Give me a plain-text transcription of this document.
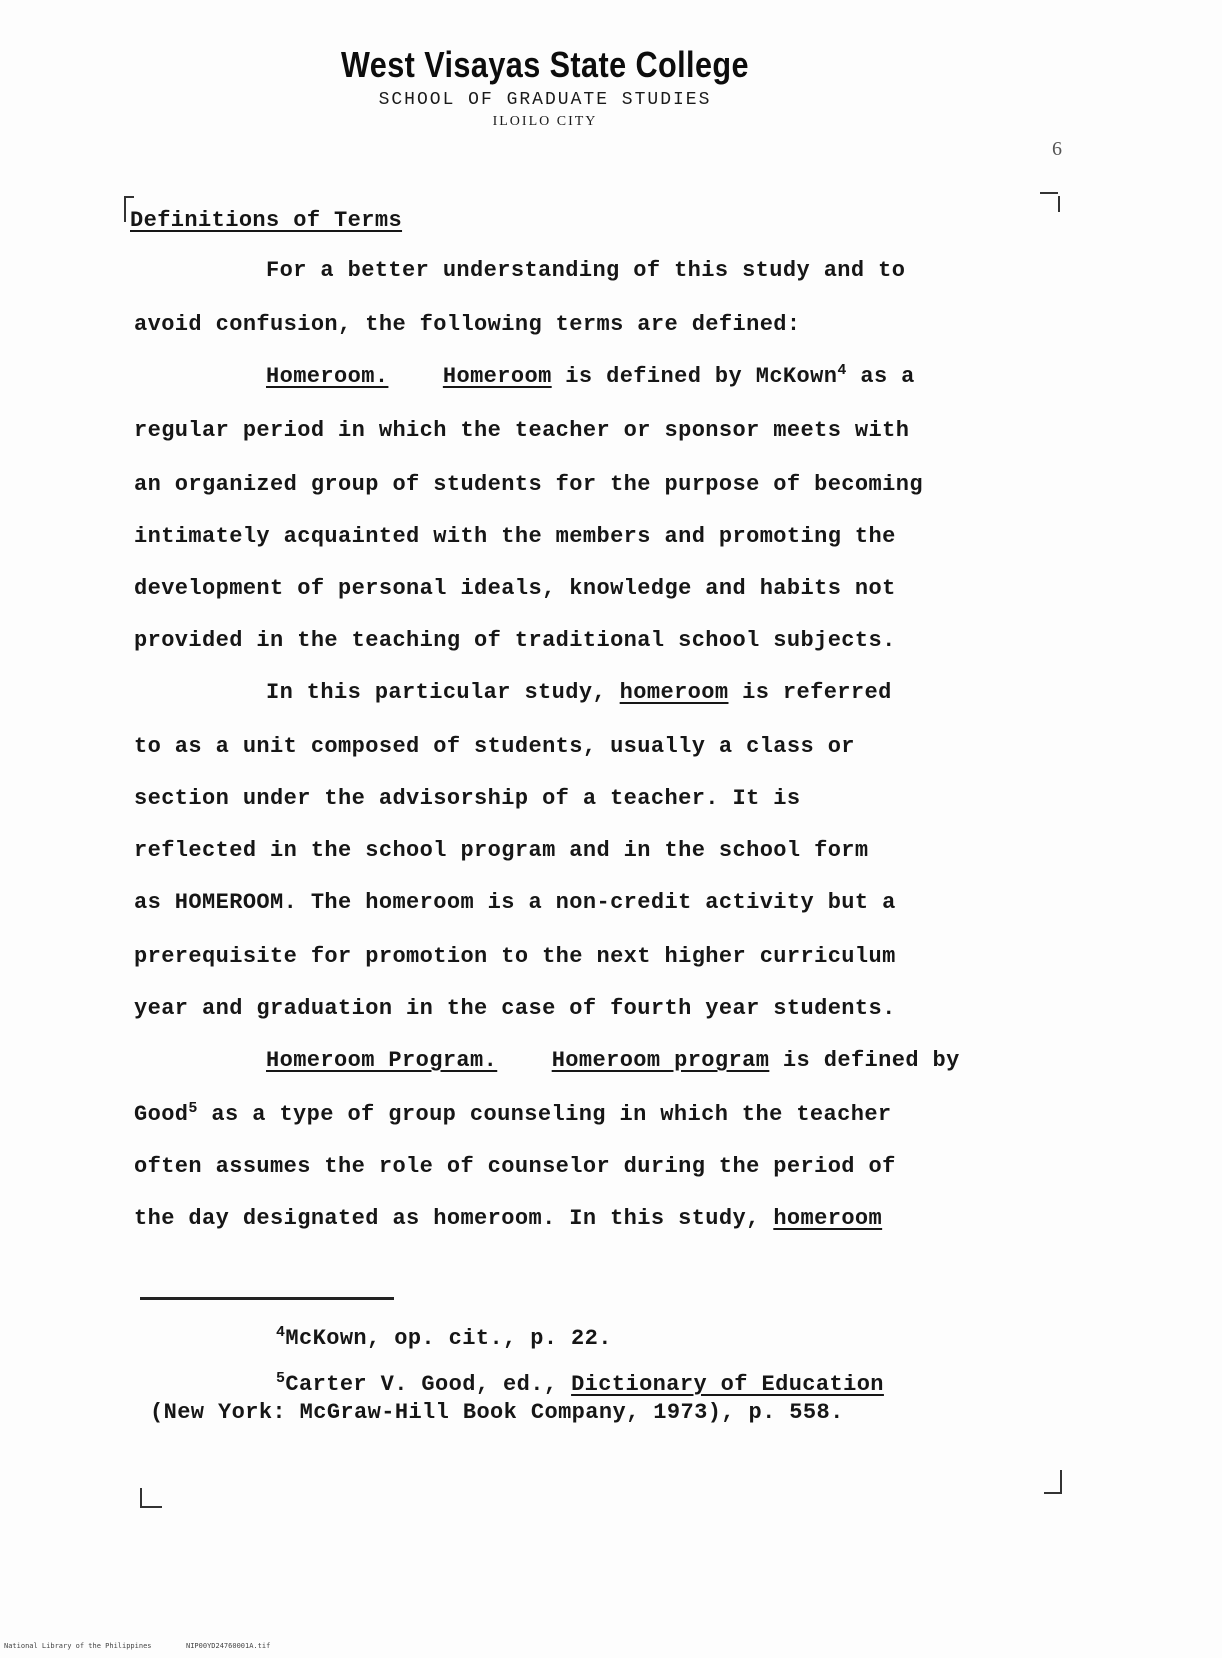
West Visayas State College
SCHOOL OF GRADUATE STUDIES
ILOILO CITY
6
Definitions of Terms
For a better understanding of this study and to
avoid confusion, the following terms are defined:
Homeroom. Homeroom is defined by McKown$^4$ as a
regular period in which the teacher or sponsor meets with
an organized group of students for the purpose of becoming
intimately acquainted with the members and promoting the
development of personal ideals, knowledge and habits not
provided in the teaching of traditional school subjects.
In this particular study, homeroom is referred
to as a unit composed of students, usually a class or
section under the advisorship of a teacher. It is
reflected in the school program and in the school form
as HOMEROOM. The homeroom is a non-credit activity but a
prerequisite for promotion to the next higher curriculum
year and graduation in the case of fourth year students.
Homeroom Program. Homeroom program is defined by
Good$^5$ as a type of group counseling in which the teacher
often assumes the role of counselor during the period of
the day designated as homeroom. In this study, homeroom
$^4$McKown, op. cit., p. 22.
$^5$Carter V. Good, ed., Dictionary of Education
(New York: McGraw-Hill Book Company, 1973), p. 558.
National Library of the Philippines	NIP00YD24760001A.tif
